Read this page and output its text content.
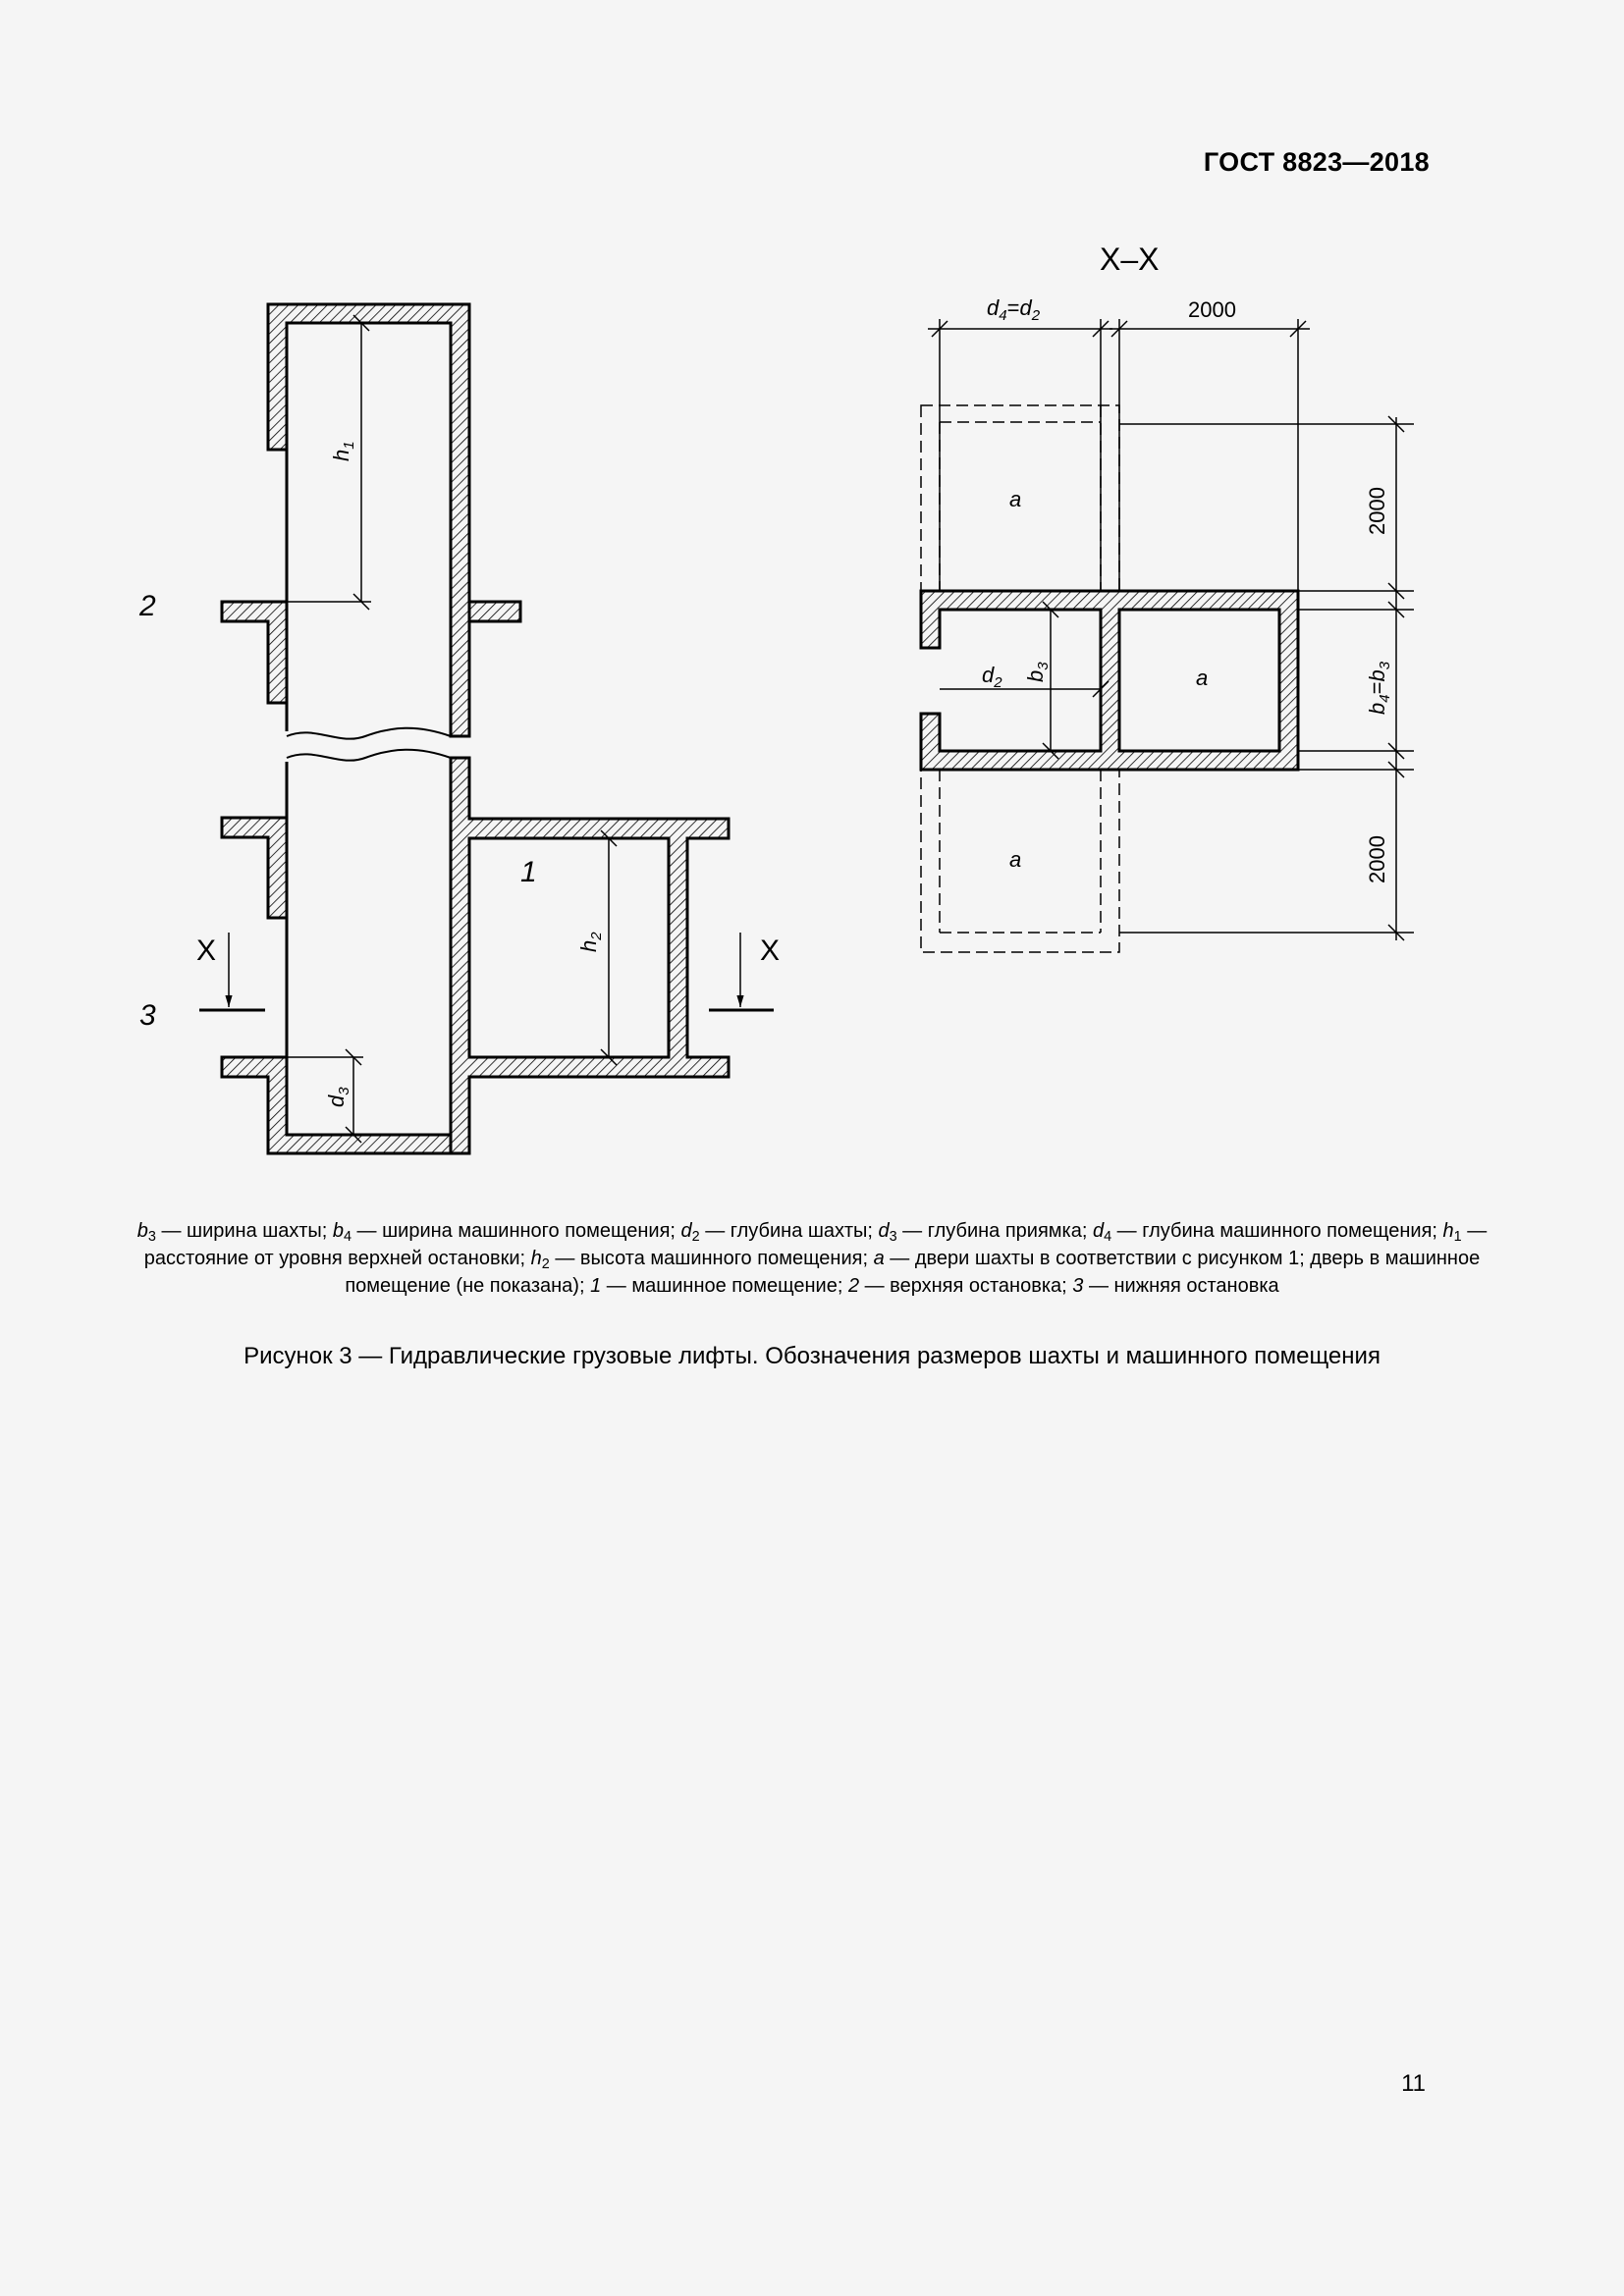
ГОСТ 8823—2018
$h_1$
$h_2$
$d_3$
2
1
3
X	X
X–X
a
a
a
$d_4=d_2$	2000
2000
$b_4=b_3$
2000
$d_2$ $b_3$
$b_3$ — ширина шахты; $b_4$ — ширина машинного помещения; $d_2$ — глубина шахты; $d_3$ — глубина приямка; $d_4$ — глубина машинного помещения; $h_1$ — расстояние от уровня верхней остановки; $h_2$ — высота машинного помещения; a — двери шахты в соответствии с рисунком 1; дверь в машинное помещение (не показана); 1 — машинное помещение; 2 — верхняя остановка; 3 — нижняя остановка
Рисунок 3 — Гидравлические грузовые лифты. Обозначения размеров шахты и машинного помещения
11
